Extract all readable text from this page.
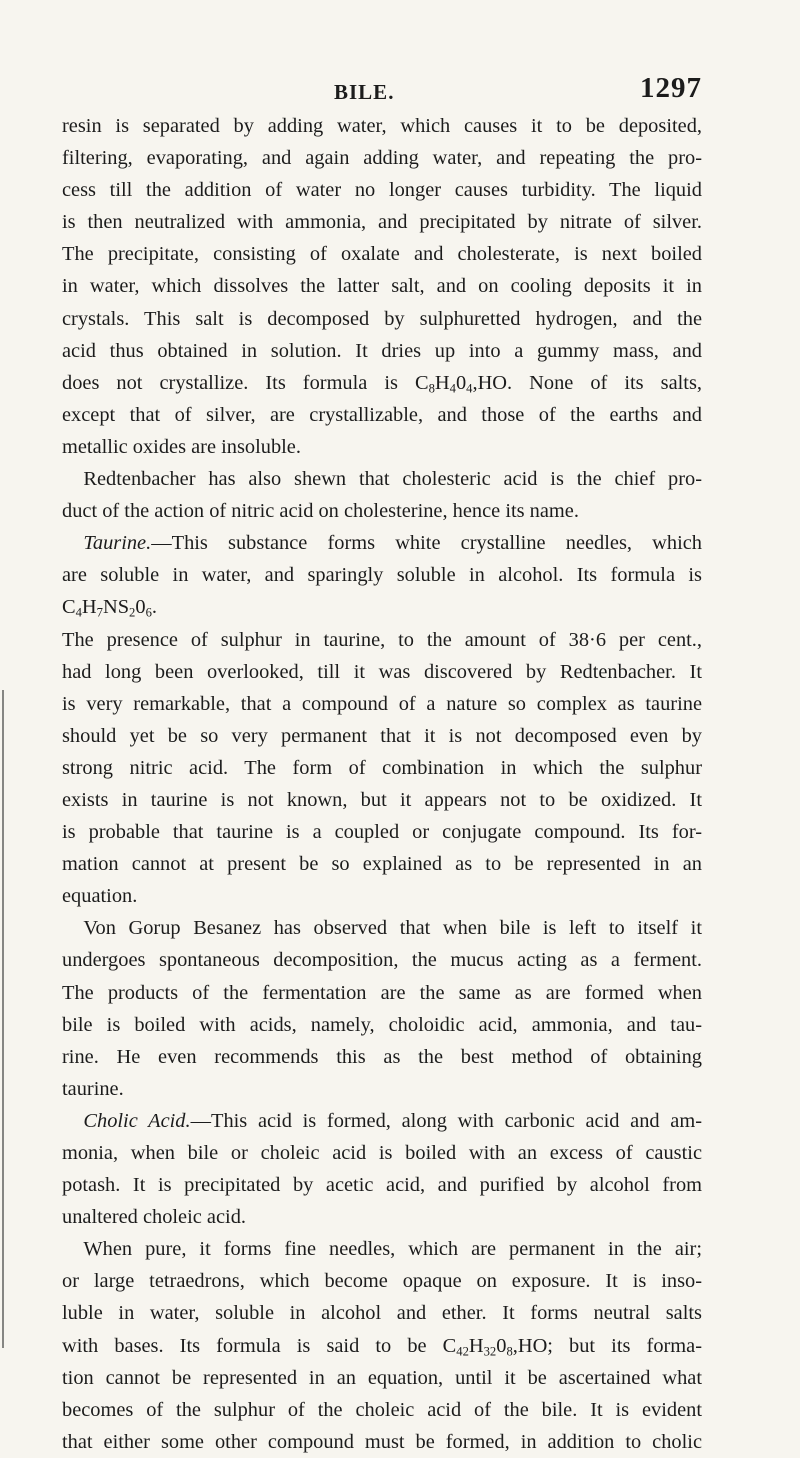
BILE.	1297

resin is separated by adding water, which causes it to be deposited,

filtering, evaporating, and again adding water, and repeating the pro-

cess till the addition of water no longer causes turbidity. The liquid

is then neutralized with ammonia, and precipitated by nitrate of silver.

The precipitate, consisting of oxalate and cholesterate, is next boiled

in water, which dissolves the latter salt, and on cooling deposits it in

crystals. This salt is decomposed by sulphuretted hydrogen, and the

acid thus obtained in solution. It dries up into a gummy mass, and

does not crystallize. Its formula is $C_8H_40_4,HO$. None of its salts,

except that of silver, are crystallizable, and those of the earths and

metallic oxides are insoluble.

Redtenbacher has also shewn that cholesteric acid is the chief pro-

duct of the action of nitric acid on cholesterine, hence its name.

Taurine.—This substance forms white crystalline needles, which

are soluble in water, and sparingly soluble in alcohol. Its formula is

$C_4H_7NS_20_6$.

The presence of sulphur in taurine, to the amount of 38·6 per cent.,

had long been overlooked, till it was discovered by Redtenbacher. It

is very remarkable, that a compound of a nature so complex as taurine

should yet be so very permanent that it is not decomposed even by

strong nitric acid. The form of combination in which the sulphur

exists in taurine is not known, but it appears not to be oxidized. It

is probable that taurine is a coupled or conjugate compound. Its for-

mation cannot at present be so explained as to be represented in an

equation.

Von Gorup Besanez has observed that when bile is left to itself it

undergoes spontaneous decomposition, the mucus acting as a ferment.

The products of the fermentation are the same as are formed when

bile is boiled with acids, namely, choloidic acid, ammonia, and tau-

rine. He even recommends this as the best method of obtaining

taurine.

Cholic Acid.—This acid is formed, along with carbonic acid and am-

monia, when bile or choleic acid is boiled with an excess of caustic

potash. It is precipitated by acetic acid, and purified by alcohol from

unaltered choleic acid.

When pure, it forms fine needles, which are permanent in the air;

or large tetraedrons, which become opaque on exposure. It is inso-

luble in water, soluble in alcohol and ether. It forms neutral salts

with bases. Its formula is said to be $C_{42}H_{32}0_8,HO$; but its forma-

tion cannot be represented in an equation, until it be ascertained what

becomes of the sulphur of the choleic acid of the bile. It is evident

that either some other compound must be formed, in addition to cholic
